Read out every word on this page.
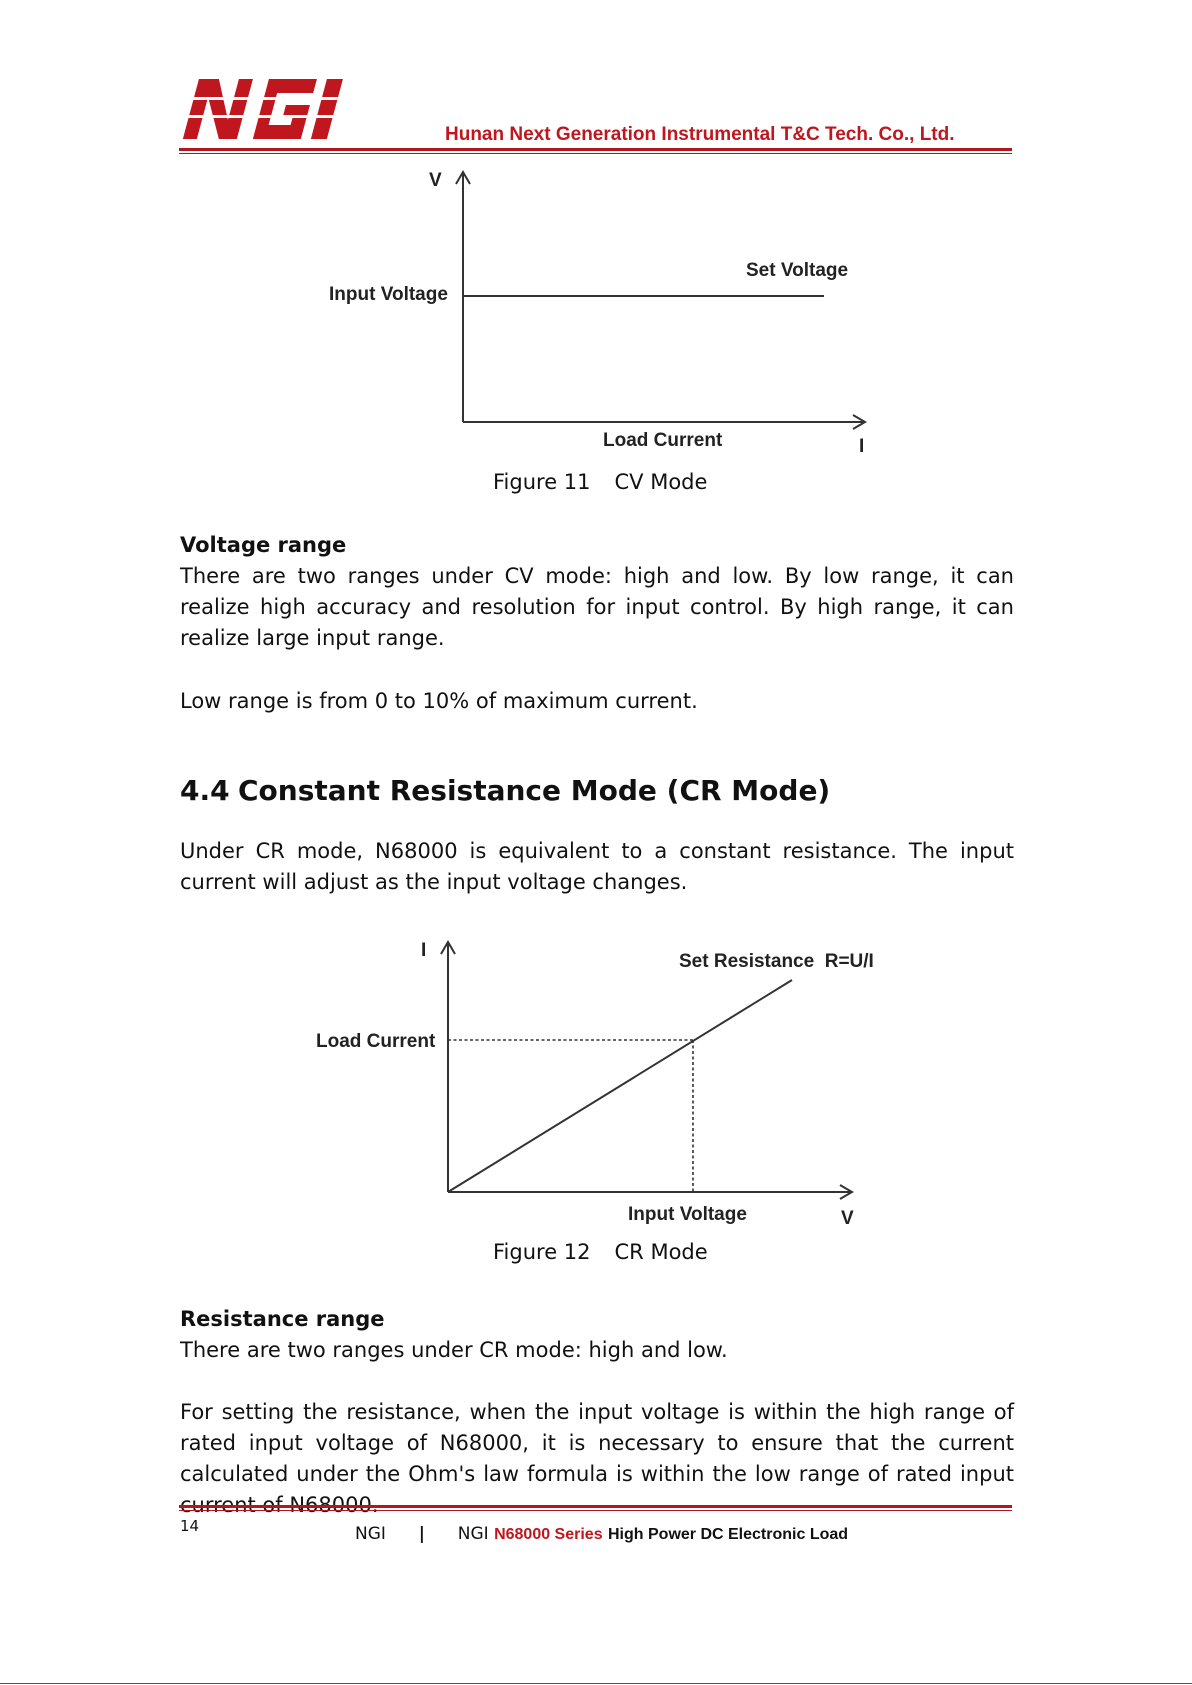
Hunan Next Generation Instrumental T&C Tech. Co., Ltd.
V
Input Voltage
Set Voltage
Load Current	I
Figure 11 CV Mode
Voltage range
There are two ranges under CV mode: high and low. By low range, it can realize high accuracy and resolution for input control. By high range, it can realize large input range.
Low range is from 0 to 10% of maximum current.
4.4 Constant Resistance Mode (CR Mode)
Under CR mode, N68000 is equivalent to a constant resistance. The input current will adjust as the input voltage changes.
I
Set Resistance  R=U/I
Load Current
Input Voltage	V
Figure 12 CR Mode
Resistance range
There are two ranges under CR mode: high and low.
For setting the resistance, when the input voltage is within the high range of rated input voltage of N68000, it is necessary to ensure that the current calculated under the Ohm's law formula is within the low range of rated input current of N68000.
14	NGI | NGI N68000 Series High Power DC Electronic Load
